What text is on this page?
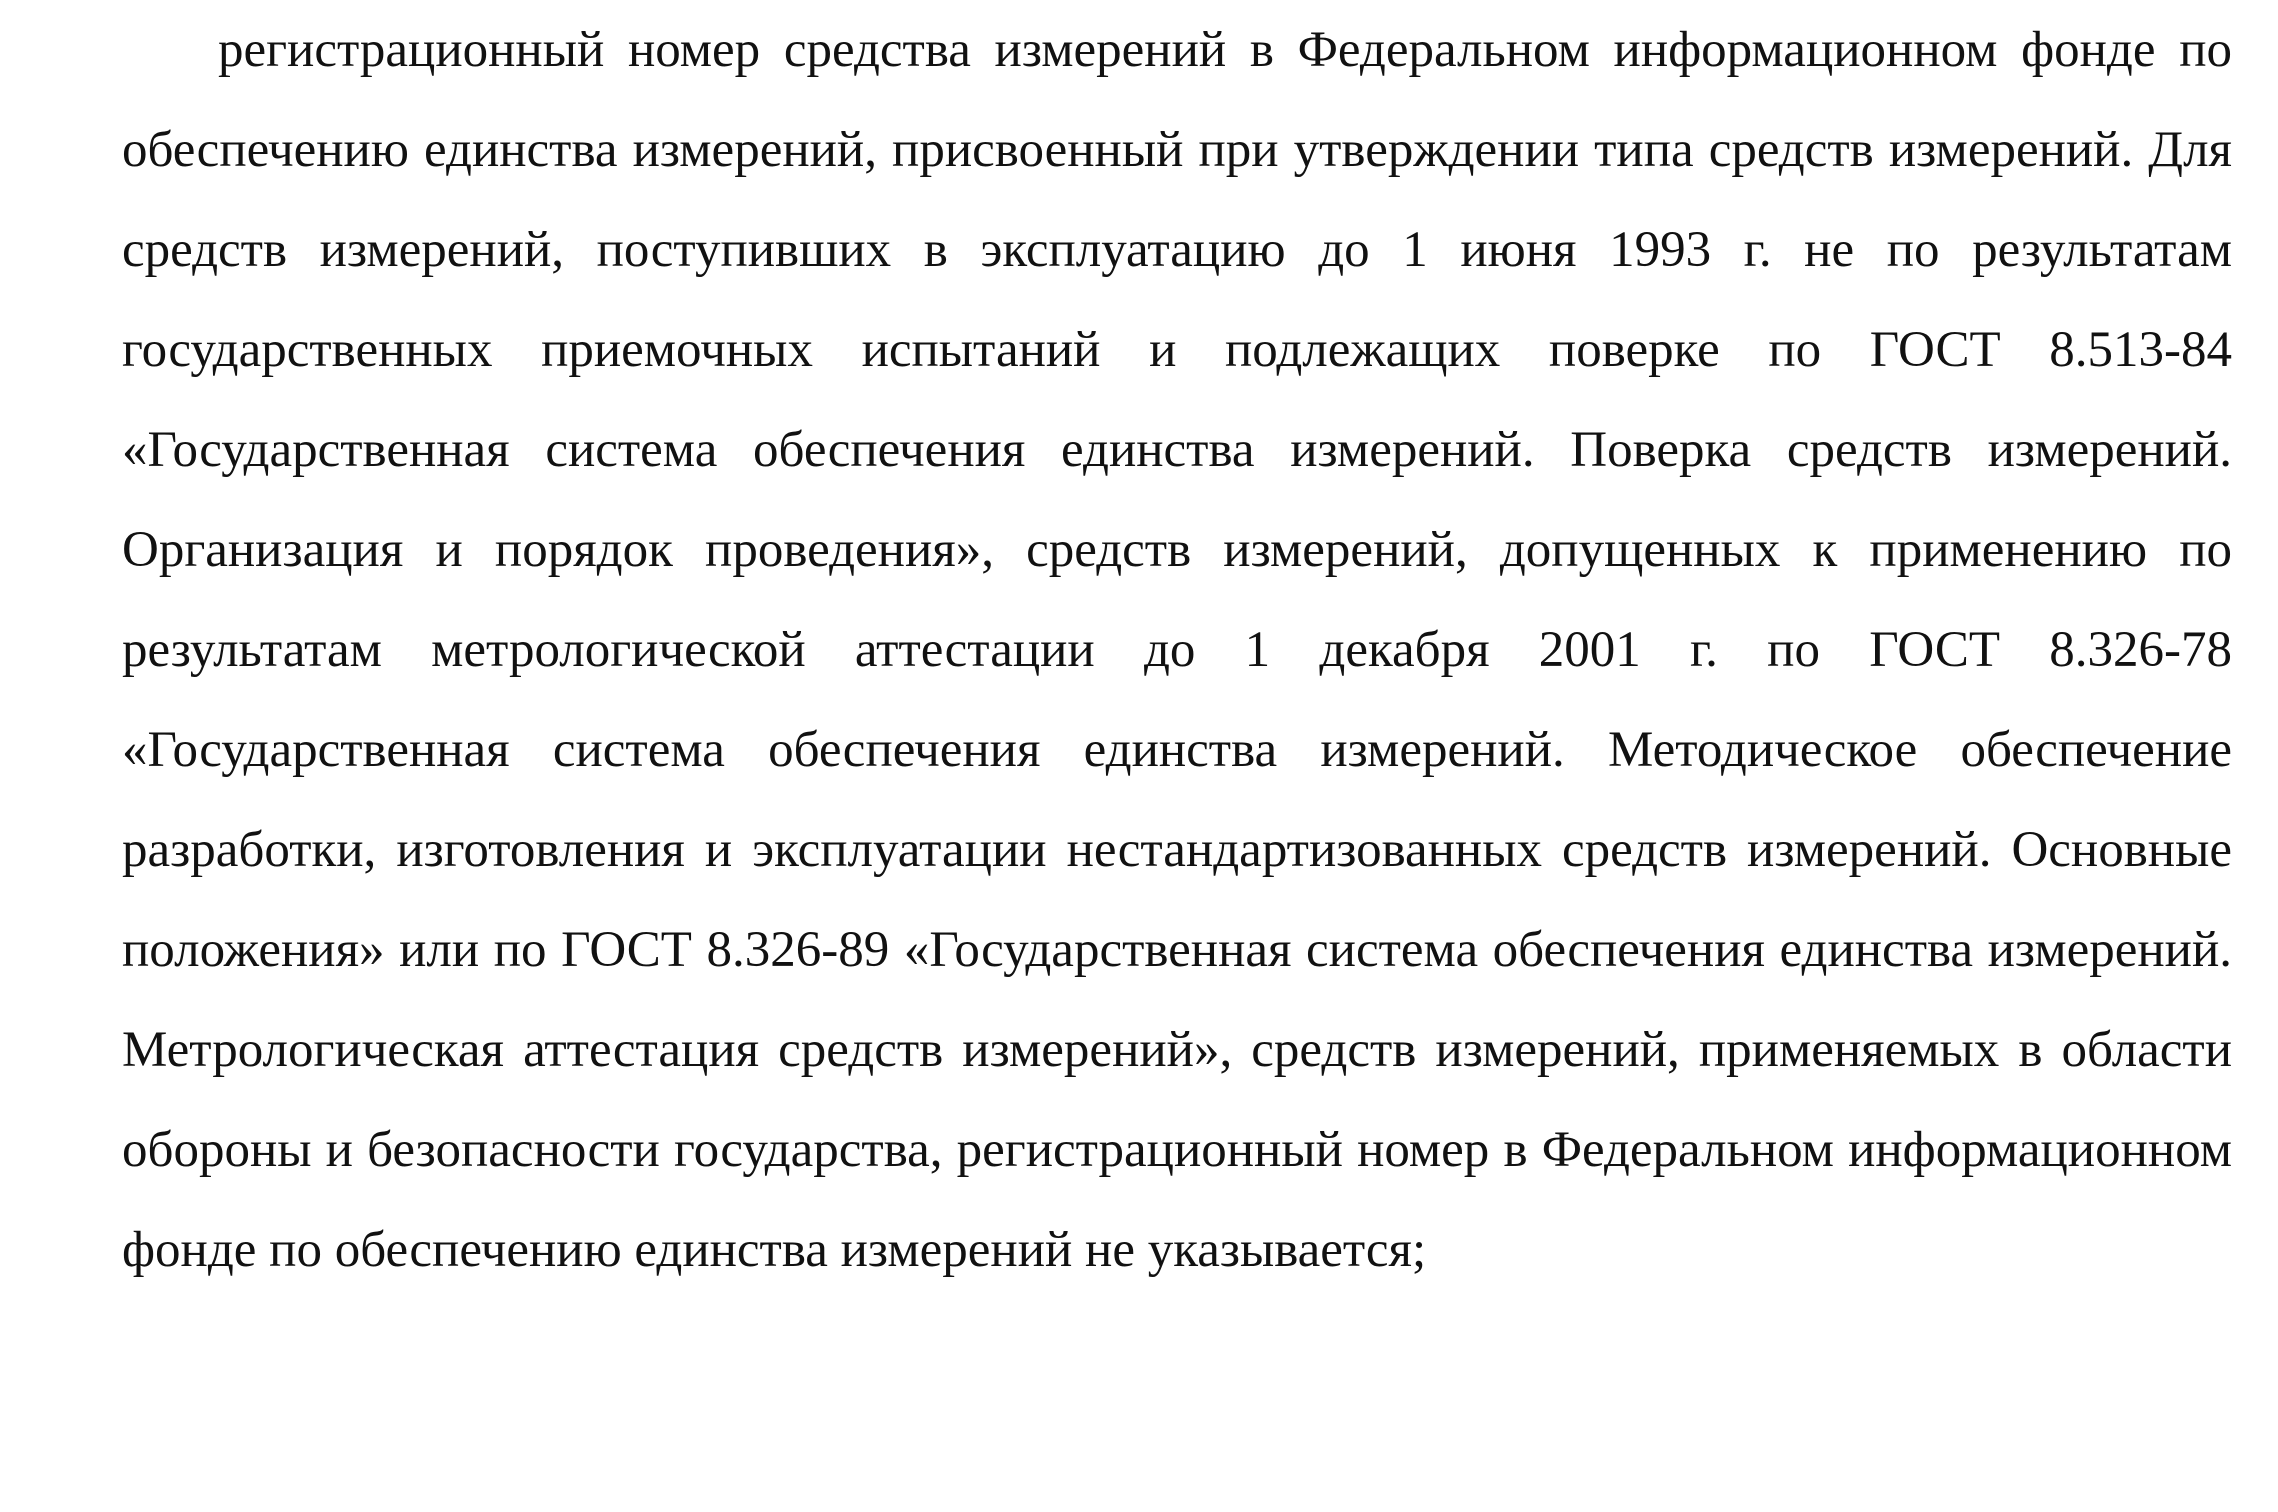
регистрационный номер средства измерений в Федеральном информационном фонде по обеспечению единства измерений, присвоенный при утверждении типа средств измерений. Для средств измерений, поступивших в эксплуатацию до 1 июня 1993 г. не по результатам государственных приемочных испытаний и подлежащих поверке по ГОСТ 8.513-84 «Государственная система обеспечения единства измерений. Поверка средств измерений. Организация и порядок проведения», средств измерений, допущенных к применению по результатам метрологической аттестации до 1 декабря 2001 г. по ГОСТ 8.326-78 «Государственная система обеспечения единства измерений. Методическое обеспечение разработки, изготовления и эксплуатации нестандартизованных средств измерений. Основные положения» или по ГОСТ 8.326-89 «Государственная система обеспечения единства измерений. Метрологическая аттестация средств измерений», средств измерений, применяемых в области обороны и безопасности государства, регистрационный номер в Федеральном информационном фонде по обеспечению единства измерений не указывается;
